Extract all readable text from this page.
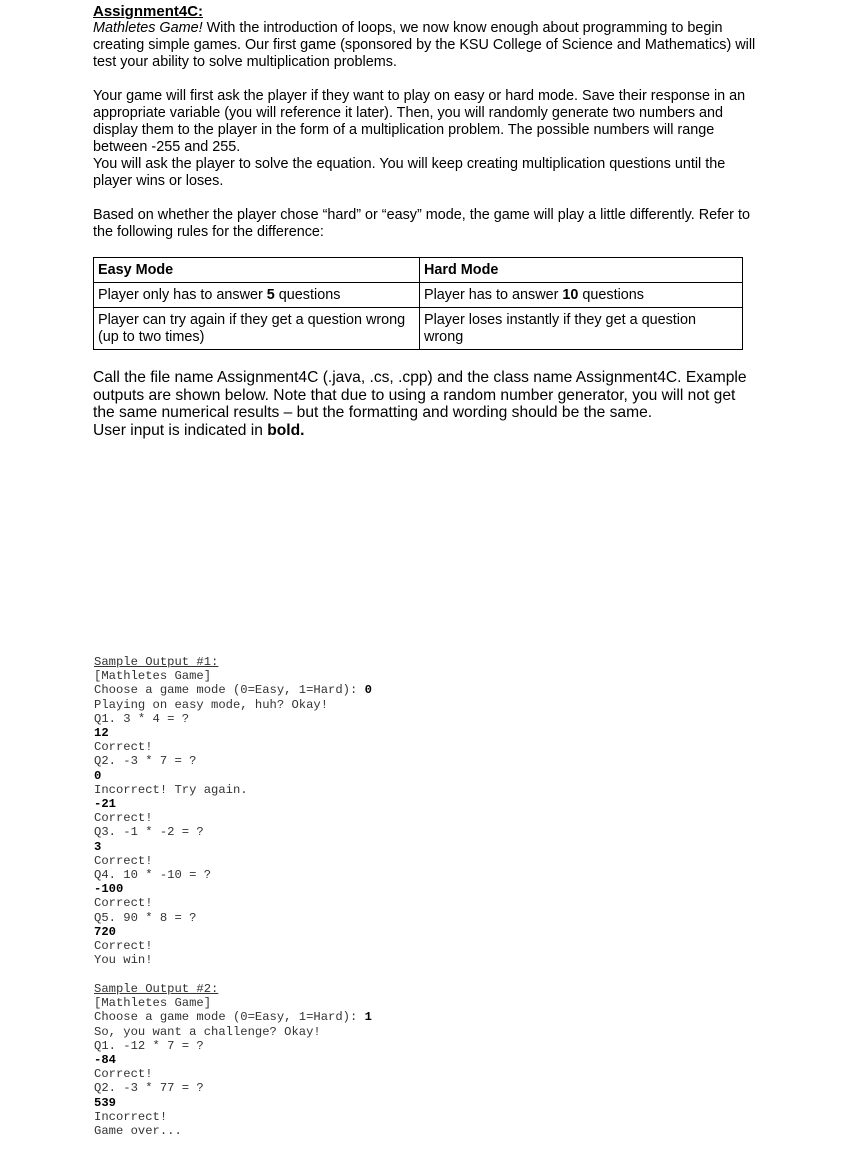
Assignment4C:

Mathletes Game! With the introduction of loops, we now know enough about programming to begin creating simple games. Our first game (sponsored by the KSU College of Science and Mathematics) will test your ability to solve multiplication problems.

Your game will first ask the player if they want to play on easy or hard mode. Save their response in an appropriate variable (you will reference it later). Then, you will randomly generate two numbers and display them to the player in the form of a multiplication problem. The possible numbers will range between -255 and 255.

You will ask the player to solve the equation. You will keep creating multiplication questions until the player wins or loses.

Based on whether the player chose “hard” or “easy” mode, the game will play a little differently. Refer to the following rules for the difference:

Easy Mode	Hard Mode
Player only has to answer 5 questions	Player has to answer 10 questions
Player can try again if they get a question wrong (up to two times)	Player loses instantly if they get a question wrong

Call the file name Assignment4C (.java, .cs, .cpp) and the class name Assignment4C. Example outputs are shown below. Note that due to using a random number generator, you will not get the same numerical results – but the formatting and wording should be the same.

User input is indicated in bold.

Sample Output #1:
[Mathletes Game]
Choose a game mode (0=Easy, 1=Hard): 0
Playing on easy mode, huh? Okay!
Q1. 3 * 4 = ?
12
Correct!
Q2. -3 * 7 = ?
0
Incorrect! Try again.
-21
Correct!
Q3. -1 * -2 = ?
3
Correct!
Q4. 10 * -10 = ?
-100
Correct!
Q5. 90 * 8 = ?
720
Correct!
You win!
Sample Output #2:
[Mathletes Game]
Choose a game mode (0=Easy, 1=Hard): 1
So, you want a challenge? Okay!
Q1. -12 * 7 = ?
-84
Correct!
Q2. -3 * 77 = ?
539
Incorrect!
Game over...
